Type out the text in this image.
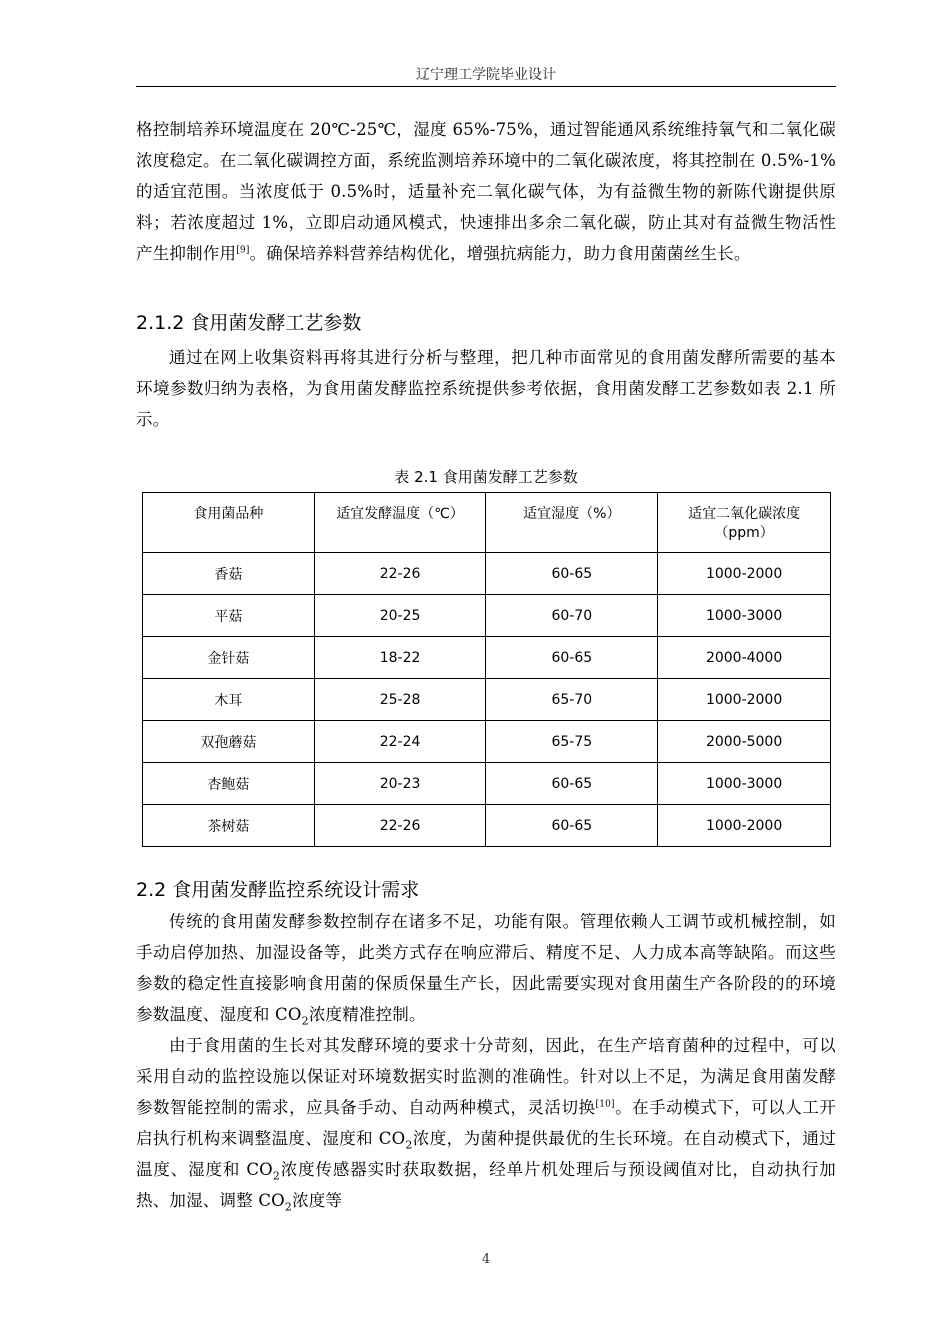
辽宁理工学院毕业设计
格控制培养环境温度在 20℃-25℃，湿度 65%-75%，通过智能通风系统维持氧气和二氧化碳浓度稳定。在二氧化碳调控方面，系统监测培养环境中的二氧化碳浓度，将其控制在 0.5%-1%的适宜范围。当浓度低于 0.5%时，适量补充二氧化碳气体，为有益微生物的新陈代谢提供原料；若浓度超过 1%，立即启动通风模式，快速排出多余二氧化碳，防止其对有益微生物活性产生抑制作用[9]。确保培养料营养结构优化，增强抗病能力，助力食用菌菌丝生长。
2.1.2 食用菌发酵工艺参数
通过在网上收集资料再将其进行分析与整理，把几种市面常见的食用菌发酵所需要的基本环境参数归纳为表格，为食用菌发酵监控系统提供参考依据，食用菌发酵工艺参数如表 2.1 所示。
表 2.1 食用菌发酵工艺参数
食用菌品种	适宜发酵温度（℃）	适宜湿度（%）	适宜二氧化碳浓度
（ppm）
香菇	22-26	60-65	1000-2000
平菇	20-25	60-70	1000-3000
金针菇	18-22	60-65	2000-4000
木耳	25-28	65-70	1000-2000
双孢蘑菇	22-24	65-75	2000-5000
杏鲍菇	20-23	60-65	1000-3000
茶树菇	22-26	60-65	1000-2000
2.2 食用菌发酵监控系统设计需求
传统的食用菌发酵参数控制存在诸多不足，功能有限。管理依赖人工调节或机械控制，如手动启停加热、加湿设备等，此类方式存在响应滞后、精度不足、人力成本高等缺陷。而这些参数的稳定性直接影响食用菌的保质保量生产长，因此需要实现对食用菌生产各阶段的的环境参数温度、湿度和 $CO_2$浓度精准控制。
由于食用菌的生长对其发酵环境的要求十分苛刻，因此，在生产培育菌种的过程中，可以采用自动的监控设施以保证对环境数据实时监测的准确性。针对以上不足，为满足食用菌发酵参数智能控制的需求，应具备手动、自动两种模式，灵活切换[10]。在手动模式下，可以人工开启执行机构来调整温度、湿度和 $CO_2$浓度，为菌种提供最优的生长环境。在自动模式下，通过温度、湿度和 $CO_2$浓度传感器实时获取数据，经单片机处理后与预设阈值对比，自动执行加热、加湿、调整 $CO_2$浓度等
4
